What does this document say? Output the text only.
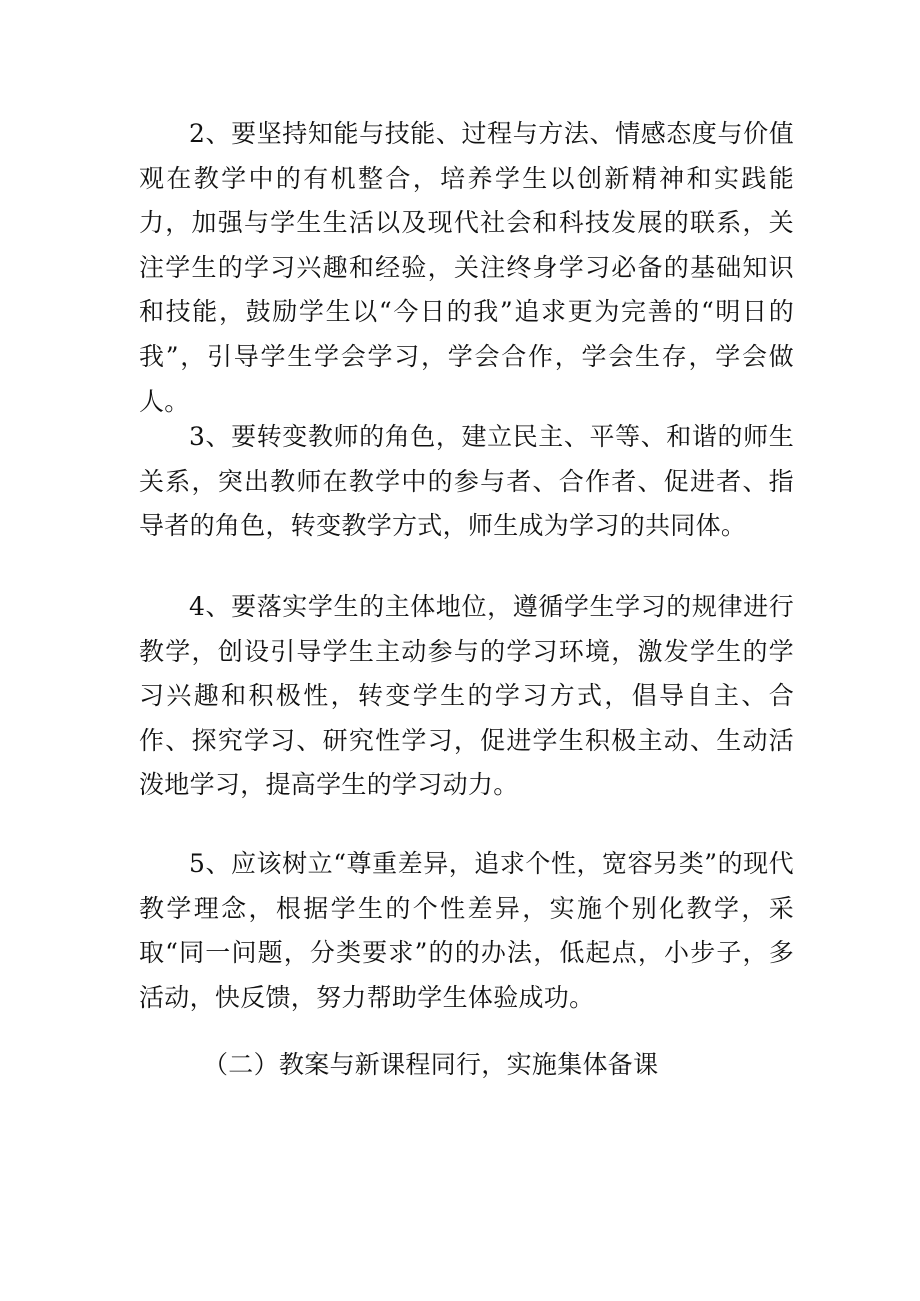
2、要坚持知能与技能、过程与方法、情感态度与价值观在教学中的有机整合，培养学生以创新精神和实践能力，加强与学生生活以及现代社会和科技发展的联系，关注学生的学习兴趣和经验，关注终身学习必备的基础知识和技能，鼓励学生以“今日的我”追求更为完善的“明日的我”，引导学生学会学习，学会合作，学会生存，学会做人。

3、要转变教师的角色，建立民主、平等、和谐的师生关系，突出教师在教学中的参与者、合作者、促进者、指导者的角色，转变教学方式，师生成为学习的共同体。

4、要落实学生的主体地位，遵循学生学习的规律进行教学，创设引导学生主动参与的学习环境，激发学生的学习兴趣和积极性，转变学生的学习方式，倡导自主、合作、探究学习、研究性学习，促进学生积极主动、生动活泼地学习，提高学生的学习动力。

5、应该树立“尊重差异，追求个性，宽容另类”的现代教学理念，根据学生的个性差异，实施个别化教学，采取“同一问题，分类要求”的的办法，低起点，小步子，多活动，快反馈，努力帮助学生体验成功。

（二）教案与新课程同行，实施集体备课
